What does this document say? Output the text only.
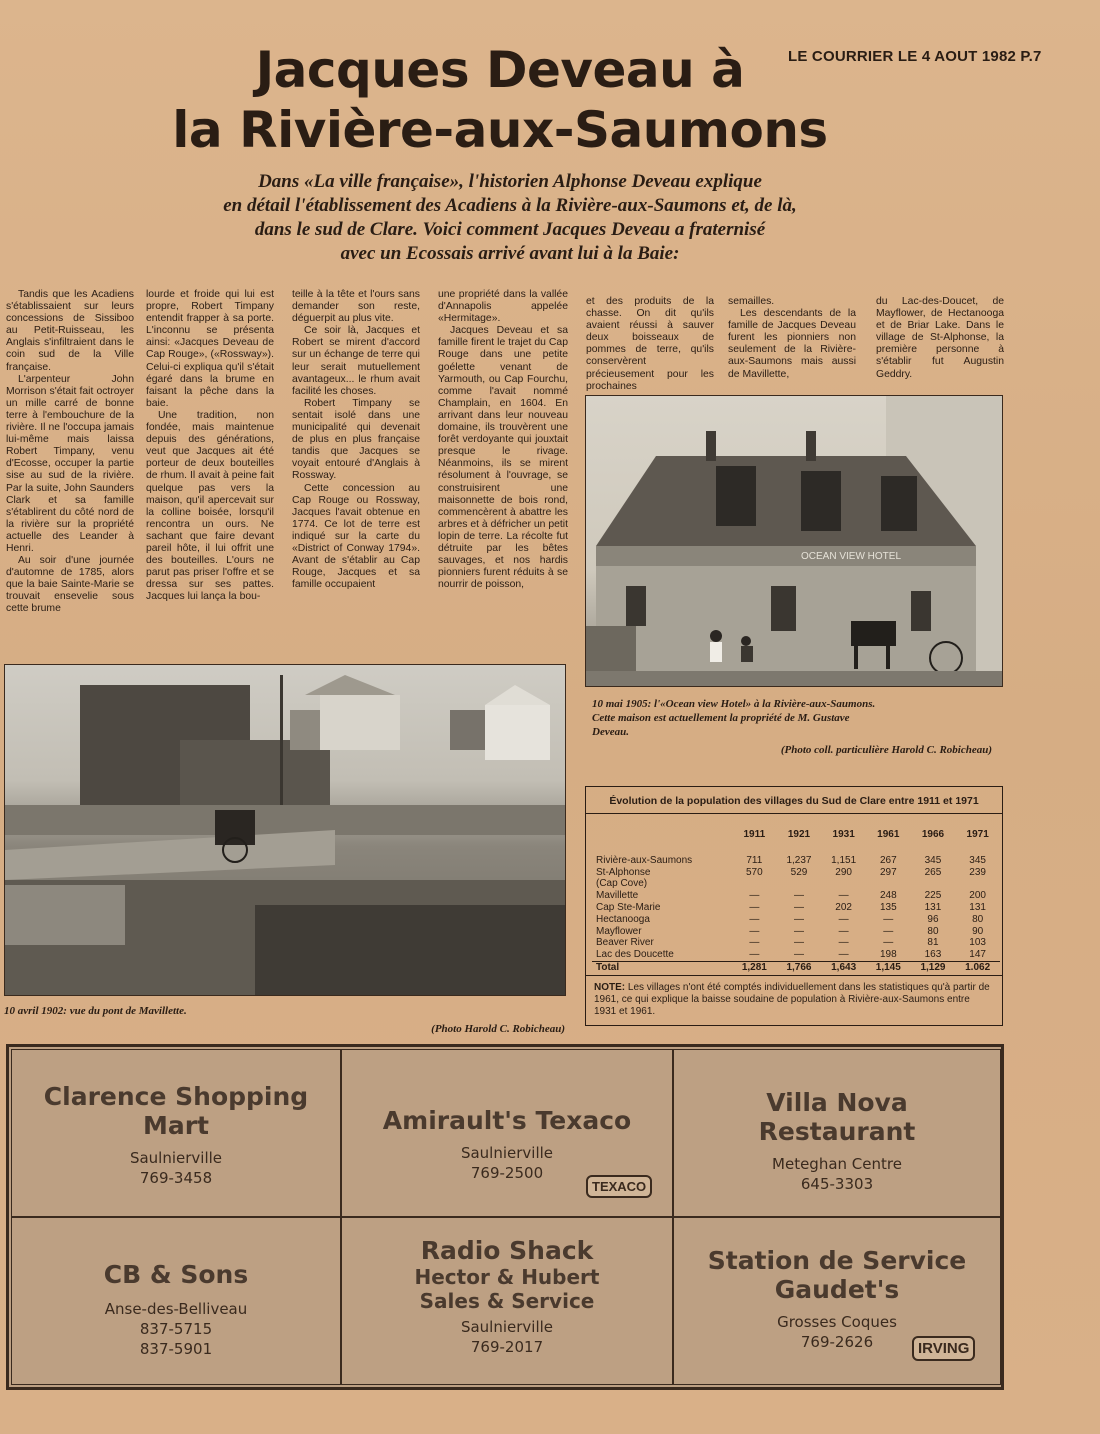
LE COURRIER LE 4 AOUT 1982 P.7
Jacques Deveau à
la Rivière-aux-Saumons
Dans «La ville française», l'historien Alphonse Deveau explique
en détail l'établissement des Acadiens à la Rivière-aux-Saumons et, de là,
dans le sud de Clare. Voici comment Jacques Deveau a fraternisé
avec un Ecossais arrivé avant lui à la Baie:

Tandis que les Acadiens s'établissaient sur leurs concessions de Sissiboo au Petit-Ruisseau, les Anglais s'infiltraient dans le coin sud de la Ville française.

L'arpenteur John Morrison s'était fait octroyer un mille carré de bonne terre à l'embouchure de la rivière. Il ne l'occupa jamais lui-même mais laissa Robert Timpany, venu d'Ecosse, occuper la partie sise au sud de la rivière. Par la suite, John Saunders Clark et sa famille s'établirent du côté nord de la rivière sur la propriété actuelle des Leander à Henri.

Au soir d'une journée d'automne de 1785, alors que la baie Sainte-Marie se trouvait ensevelie sous cette brume

lourde et froide qui lui est propre, Robert Timpany entendit frapper à sa porte. L'inconnu se présenta ainsi: «Jacques Deveau de Cap Rouge», («Rossway»). Celui-ci expliqua qu'il s'était égaré dans la brume en faisant la pêche dans la baie.

Une tradition, non fondée, mais maintenue depuis des générations, veut que Jacques ait été porteur de deux bouteilles de rhum. Il avait à peine fait quelque pas vers la maison, qu'il apercevait sur la colline boisée, lorsqu'il rencontra un ours. Ne sachant que faire devant pareil hôte, il lui offrit une des bouteilles. L'ours ne parut pas priser l'offre et se dressa sur ses pattes. Jacques lui lança la bou-

teille à la tête et l'ours sans demander son reste, déguerpit au plus vite.

Ce soir là, Jacques et Robert se mirent d'accord sur un échange de terre qui leur serait mutuellement avantageux... le rhum avait facilité les choses.

Robert Timpany se sentait isolé dans une municipalité qui devenait de plus en plus française tandis que Jacques se voyait entouré d'Anglais à Rossway.

Cette concession au Cap Rouge ou Rossway, Jacques l'avait obtenue en 1774. Ce lot de terre est indiqué sur la carte du «District of Conway 1794». Avant de s'établir au Cap Rouge, Jacques et sa famille occupaient

une propriété dans la vallée d'Annapolis appelée «Hermitage».

Jacques Deveau et sa famille firent le trajet du Cap Rouge dans une petite goélette venant de Yarmouth, ou Cap Fourchu, comme l'avait nommé Champlain, en 1604. En arrivant dans leur nouveau domaine, ils trouvèrent une forêt verdoyante qui jouxtait presque le rivage. Néanmoins, ils se mirent résolument à l'ouvrage, se construisirent une maisonnette de bois rond, commencèrent à abattre les arbres et à défricher un petit lopin de terre. La récolte fut détruite par les bêtes sauvages, et nos hardis pionniers furent réduits à se nourrir de poisson,

et des produits de la chasse. On dit qu'ils avaient réussi à sauver deux boisseaux de pommes de terre, qu'ils conservèrent précieusement pour les prochaines

semailles.

Les descendants de la famille de Jacques Deveau furent les pionniers non seulement de la Rivière-aux-Saumons mais aussi de Mavillette,

du Lac-des-Doucet, de Mayflower, de Hectanooga et de Briar Lake. Dans le village de St-Alphonse, la première personne à s'établir fut Augustin Geddry.

OCEAN VIEW HOTEL
10 mai 1905: l'«Ocean view Hotel» à la Rivière-aux-Saumons.
Cette maison est actuellement la propriété de M. Gustave
Deveau.
(Photo coll. particulière Harold C. Robicheau)
10 avril 1902: vue du pont de Mavillette.
(Photo Harold C. Robicheau)
Évolution de la population des villages du Sud de Clare entre 1911 et 1971
	1911	1921	1931	1961	1966	1971
Rivière-aux-Saumons	711	1,237	1,151	267	345	345
St-Alphonse	570	529	290	297	265	239
(Cap Cove)						
Mavillette	—	—	—	248	225	200
Cap Ste-Marie	—	—	202	135	131	131
Hectanooga	—	—	—	—	96	80
Mayflower	—	—	—	—	80	90
Beaver River	—	—	—	—	81	103
Lac des Doucette	—	—	—	198	163	147
Total	1,281	1,766	1,643	1,145	1,129	1.062
NOTE: Les villages n'ont été comptés individuellement dans les statistiques qu'à partir de 1961, ce qui explique la baisse soudaine de population à Rivière-aux-Saumons entre 1931 et 1961.
Clarence Shopping Mart
Saulnierville
769-3458
Amirault's Texaco
Saulnierville
769-2500
TEXACO
Villa Nova Restaurant
Meteghan Centre
645-3303
CB & Sons
Anse-des-Belliveau
837-5715
837-5901
Radio Shack
Hector & Hubert Sales & Service
Saulnierville
769-2017
Station de Service Gaudet's
Grosses Coques
769-2626	IRVING
